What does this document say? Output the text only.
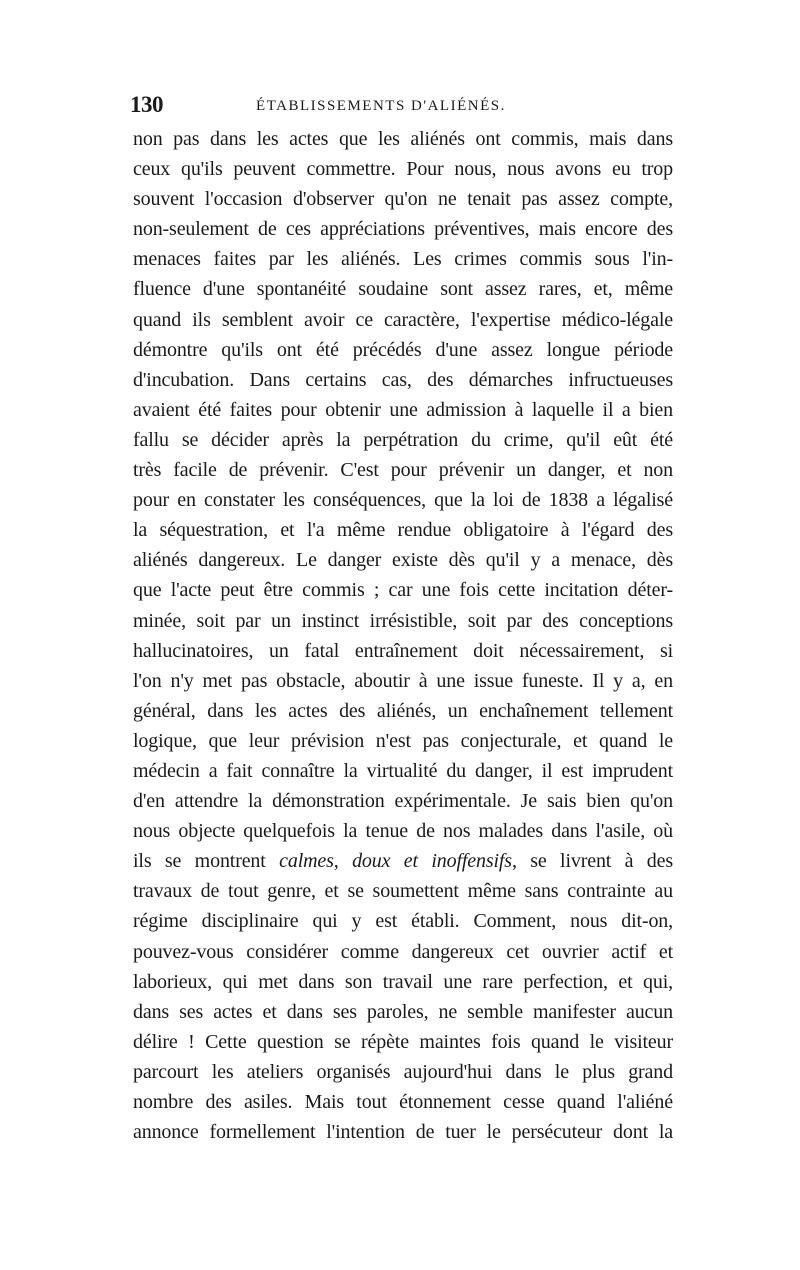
130	ÉTABLISSEMENTS D'ALIÉNÉS.
non pas dans les actes que les aliénés ont commis, mais dans
ceux qu'ils peuvent commettre. Pour nous, nous avons eu trop
souvent l'occasion d'observer qu'on ne tenait pas assez compte,
non-seulement de ces appréciations préventives, mais encore des
menaces faites par les aliénés. Les crimes commis sous l'in-
fluence d'une spontanéité soudaine sont assez rares, et, même
quand ils semblent avoir ce caractère, l'expertise médico-légale
démontre qu'ils ont été précédés d'une assez longue période
d'incubation. Dans certains cas, des démarches infructueuses
avaient été faites pour obtenir une admission à laquelle il a bien
fallu se décider après la perpétration du crime, qu'il eût été
très facile de prévenir. C'est pour prévenir un danger, et non
pour en constater les conséquences, que la loi de 1838 a légalisé
la séquestration, et l'a même rendue obligatoire à l'égard des
aliénés dangereux. Le danger existe dès qu'il y a menace, dès
que l'acte peut être commis ; car une fois cette incitation déter-
minée, soit par un instinct irrésistible, soit par des conceptions
hallucinatoires, un fatal entraînement doit nécessairement, si
l'on n'y met pas obstacle, aboutir à une issue funeste. Il y a, en
général, dans les actes des aliénés, un enchaînement tellement
logique, que leur prévision n'est pas conjecturale, et quand le
médecin a fait connaître la virtualité du danger, il est imprudent
d'en attendre la démonstration expérimentale. Je sais bien qu'on
nous objecte quelquefois la tenue de nos malades dans l'asile, où
ils se montrent calmes, doux et inoffensifs, se livrent à des
travaux de tout genre, et se soumettent même sans contrainte au
régime disciplinaire qui y est établi. Comment, nous dit-on,
pouvez-vous considérer comme dangereux cet ouvrier actif et
laborieux, qui met dans son travail une rare perfection, et qui,
dans ses actes et dans ses paroles, ne semble manifester aucun
délire ! Cette question se répète maintes fois quand le visiteur
parcourt les ateliers organisés aujourd'hui dans le plus grand
nombre des asiles. Mais tout étonnement cesse quand l'aliéné
annonce formellement l'intention de tuer le persécuteur dont la
